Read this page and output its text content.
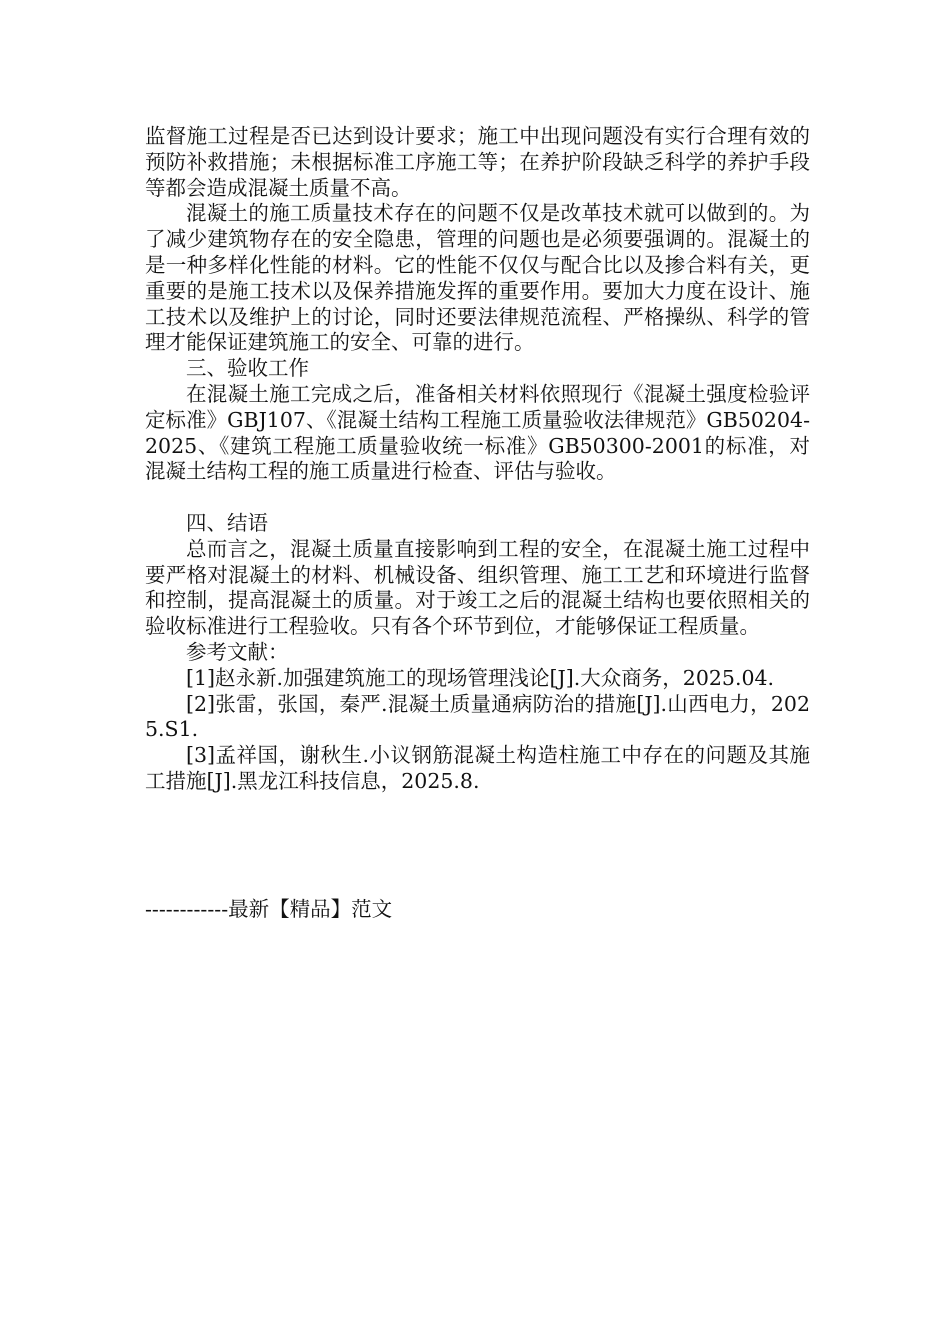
监督施工过程是否已达到设计要求；施工中出现问题没有实行合理有效的预防补救措施；未根据标准工序施工等；在养护阶段缺乏科学的养护手段等都会造成混凝土质量不高。

混凝土的施工质量技术存在的问题不仅是改革技术就可以做到的。为了减少建筑物存在的安全隐患，管理的问题也是必须要强调的。混凝土的是一种多样化性能的材料。它的性能不仅仅与配合比以及掺合料有关，更重要的是施工技术以及保养措施发挥的重要作用。要加大力度在设计、施工技术以及维护上的讨论，同时还要法律规范流程、严格操纵、科学的管理才能保证建筑施工的安全、可靠的进行。

三、验收工作

在混凝土施工完成之后，准备相关材料依照现行《混凝土强度检验评定标准》GBJ107、《混凝土结构工程施工质量验收法律规范》GB50204-2025、《建筑工程施工质量验收统一标准》GB50300-2001的标准，对混凝土结构工程的施工质量进行检查、评估与验收。

四、结语

总而言之，混凝土质量直接影响到工程的安全，在混凝土施工过程中要严格对混凝土的材料、机械设备、组织管理、施工工艺和环境进行监督和控制，提高混凝土的质量。对于竣工之后的混凝土结构也要依照相关的验收标准进行工程验收。只有各个环节到位，才能够保证工程质量。

参考文献：

[1]赵永新.加强建筑施工的现场管理浅论[J].大众商务，2025.04.

[2]张雷，张国，秦严.混凝土质量通病防治的措施[J].山西电力，2025.S1.

[3]孟祥国，谢秋生.小议钢筋混凝土构造柱施工中存在的问题及其施工措施[J].黑龙江科技信息，2025.8.

------------最新【精品】范文
